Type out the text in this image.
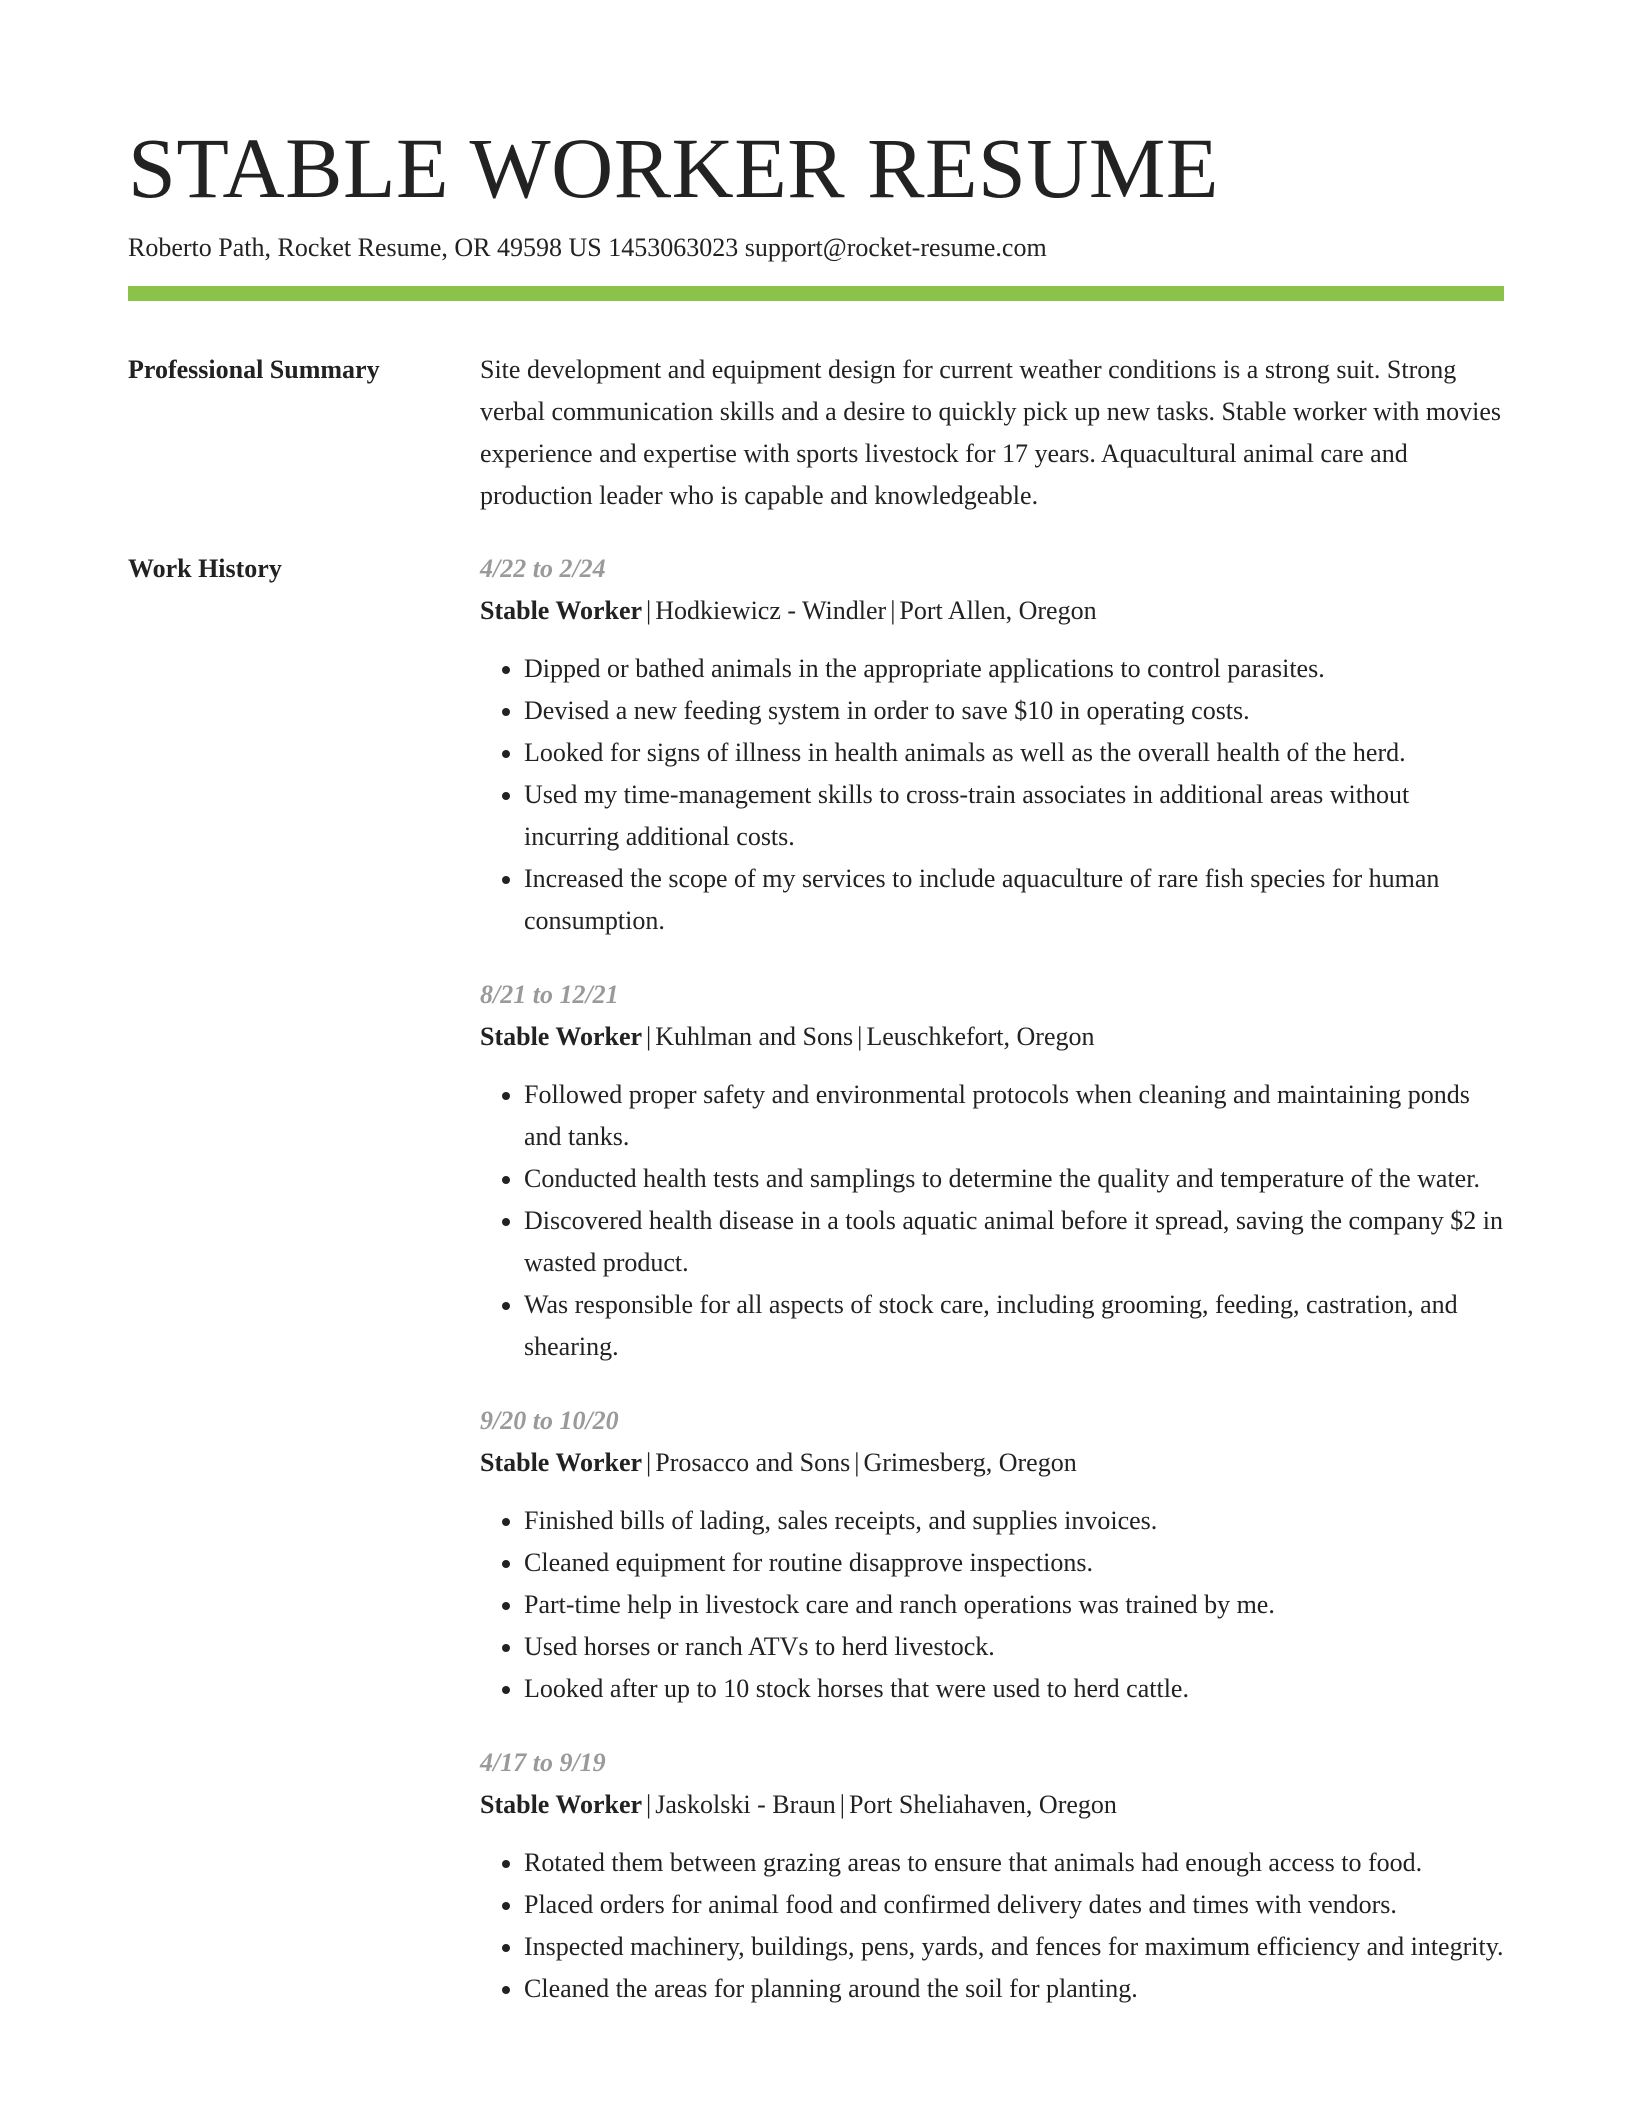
STABLE WORKER RESUME
Roberto Path, Rocket Resume, OR 49598 US 1453063023 support@rocket-resume.com
Professional Summary	Site development and equipment design for current weather conditions is a strong suit. Strong verbal communication skills and a desire to quickly pick up new tasks. Stable worker with movies experience and expertise with sports livestock for 17 years. Aquacultural animal care and production leader who is capable and knowledgeable.

Work History	4/22 to 2/24
Stable Worker | Hodkiewicz - Windler | Port Allen, Oregon
• Dipped or bathed animals in the appropriate applications to control parasites.
• Devised a new feeding system in order to save $10 in operating costs.
• Looked for signs of illness in health animals as well as the overall health of the herd.
• Used my time-management skills to cross-train associates in additional areas without incurring additional costs.
• Increased the scope of my services to include aquaculture of rare fish species for human consumption.
8/21 to 12/21
Stable Worker | Kuhlman and Sons | Leuschkefort, Oregon
• Followed proper safety and environmental protocols when cleaning and maintaining ponds and tanks.
• Conducted health tests and samplings to determine the quality and temperature of the water.
• Discovered health disease in a tools aquatic animal before it spread, saving the company $2 in wasted product.
• Was responsible for all aspects of stock care, including grooming, feeding, castration, and shearing.
9/20 to 10/20
Stable Worker | Prosacco and Sons | Grimesberg, Oregon
• Finished bills of lading, sales receipts, and supplies invoices.
• Cleaned equipment for routine disapprove inspections.
• Part-time help in livestock care and ranch operations was trained by me.
• Used horses or ranch ATVs to herd livestock.
• Looked after up to 10 stock horses that were used to herd cattle.
4/17 to 9/19
Stable Worker | Jaskolski - Braun | Port Sheliahaven, Oregon
• Rotated them between grazing areas to ensure that animals had enough access to food.
• Placed orders for animal food and confirmed delivery dates and times with vendors.
• Inspected machinery, buildings, pens, yards, and fences for maximum efficiency and integrity.
• Cleaned the areas for planning around the soil for planting.
